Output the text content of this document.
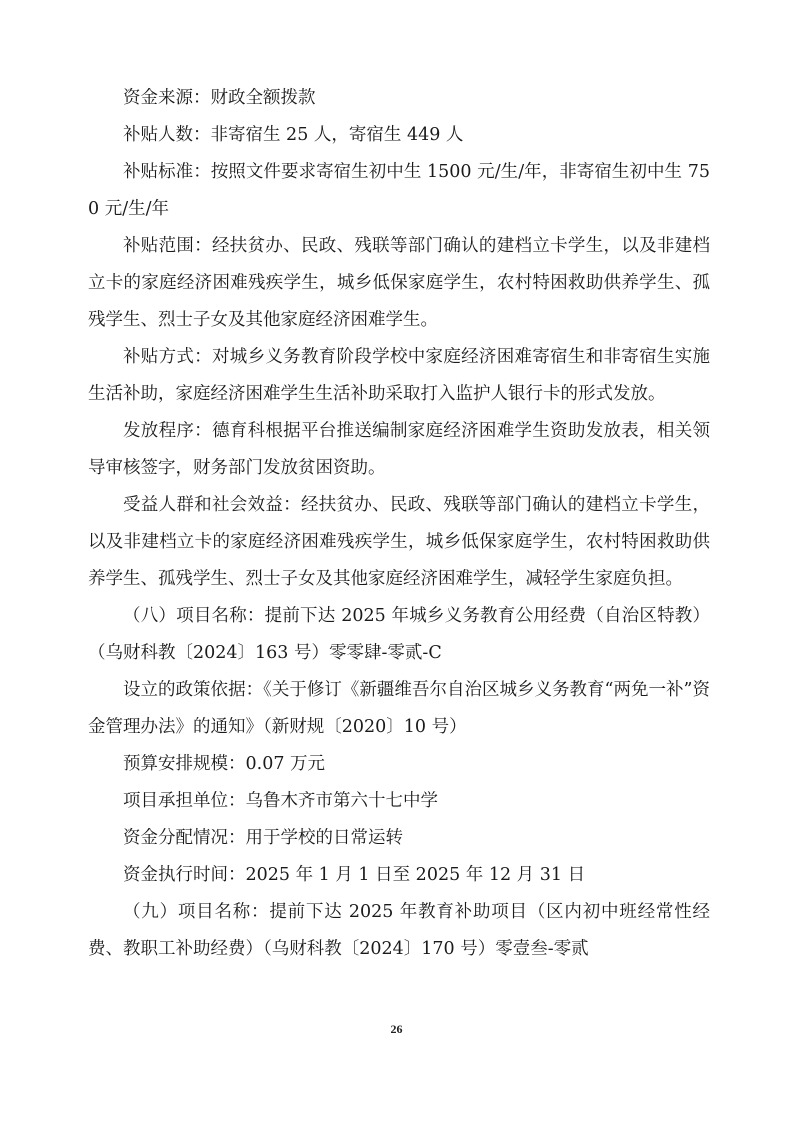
资金来源：财政全额拨款

补贴人数：非寄宿生 25 人，寄宿生 449 人

补贴标准：按照文件要求寄宿生初中生 1500 元/生/年，非寄宿生初中生 750 元/生/年

补贴范围：经扶贫办、民政、残联等部门确认的建档立卡学生，以及非建档立卡的家庭经济困难残疾学生，城乡低保家庭学生，农村特困救助供养学生、孤残学生、烈士子女及其他家庭经济困难学生。

补贴方式：对城乡义务教育阶段学校中家庭经济困难寄宿生和非寄宿生实施生活补助，家庭经济困难学生生活补助采取打入监护人银行卡的形式发放。

发放程序：德育科根据平台推送编制家庭经济困难学生资助发放表，相关领导审核签字，财务部门发放贫困资助。

受益人群和社会效益：经扶贫办、民政、残联等部门确认的建档立卡学生，以及非建档立卡的家庭经济困难残疾学生，城乡低保家庭学生，农村特困救助供养学生、孤残学生、烈士子女及其他家庭经济困难学生，减轻学生家庭负担。

（八）项目名称：提前下达 2025 年城乡义务教育公用经费（自治区特教）（乌财科教〔2024〕163 号）零零肆-零贰-C

设立的政策依据：《关于修订《新疆维吾尔自治区城乡义务教育“两免一补”资金管理办法》的通知》（新财规〔2020〕10 号）

预算安排规模：0.07 万元

项目承担单位：乌鲁木齐市第六十七中学

资金分配情况：用于学校的日常运转

资金执行时间：2025 年 1 月 1 日至 2025 年 12 月 31 日

（九）项目名称：提前下达 2025 年教育补助项目（区内初中班经常性经费、教职工补助经费）（乌财科教〔2024〕170 号）零壹叁-零贰

26
